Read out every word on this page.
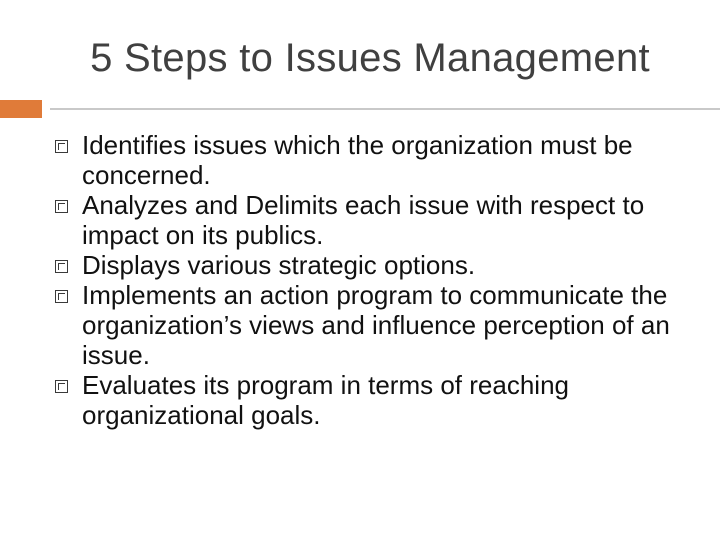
5 Steps to Issues Management
Identifies issues which the organization must be concerned.
Analyzes and Delimits each issue with respect to impact on its publics.
Displays various strategic options.
Implements an action program to communicate the organization’s views and influence perception of an issue.
Evaluates its program in terms of reaching organizational goals.
